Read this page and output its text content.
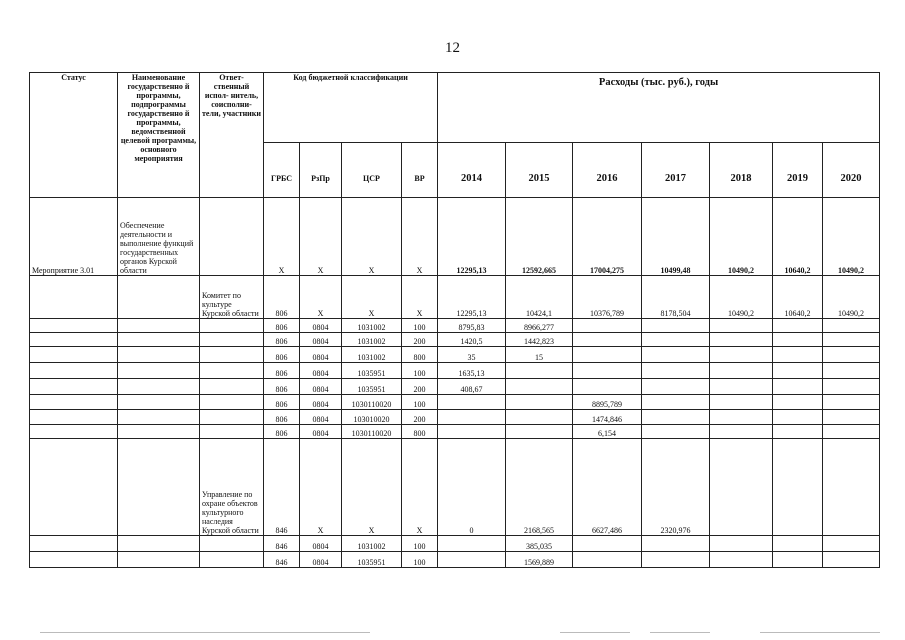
12
Статус	Наименование государственно й программы, подпрограммы государственно й программы, ведомственной целевой программы, основного мероприятия	Ответ- ственный испол- нитель, соисполни- тели, участники	Код бюджетной классификации				Расходы (тыс. руб.), годы						
			ГРБС	РзПр	ЦСР	ВР	2014	2015	2016	2017	2018	2019	2020
Мероприятие 3.01	Обеспечение деятельности и выполнение функций государственных органов Курской области		X	X	X	X	12295,13	12592,665	17004,275	10499,48	10490,2	10640,2	10490,2
		Комитет по культуре Курской области	806	X	X	X	12295,13	10424,1	10376,789	8178,504	10490,2	10640,2	10490,2
			806	0804	1031002	100	8795,83	8966,277					
			806	0804	1031002	200	1420,5	1442,823					
			806	0804	1031002	800	35	15					
			806	0804	1035951	100	1635,13						
			806	0804	1035951	200	408,67						
			806	0804	1030110020	100			8895,789				
			806	0804	103010020	200			1474,846				
			806	0804	1030110020	800			6,154				
		Управление по охране объектов культурного наследия Курской области	846	X	X	X	0	2168,565	6627,486	2320,976			
			846	0804	1031002	100		385,035					
			846	0804	1035951	100		1569,889					
